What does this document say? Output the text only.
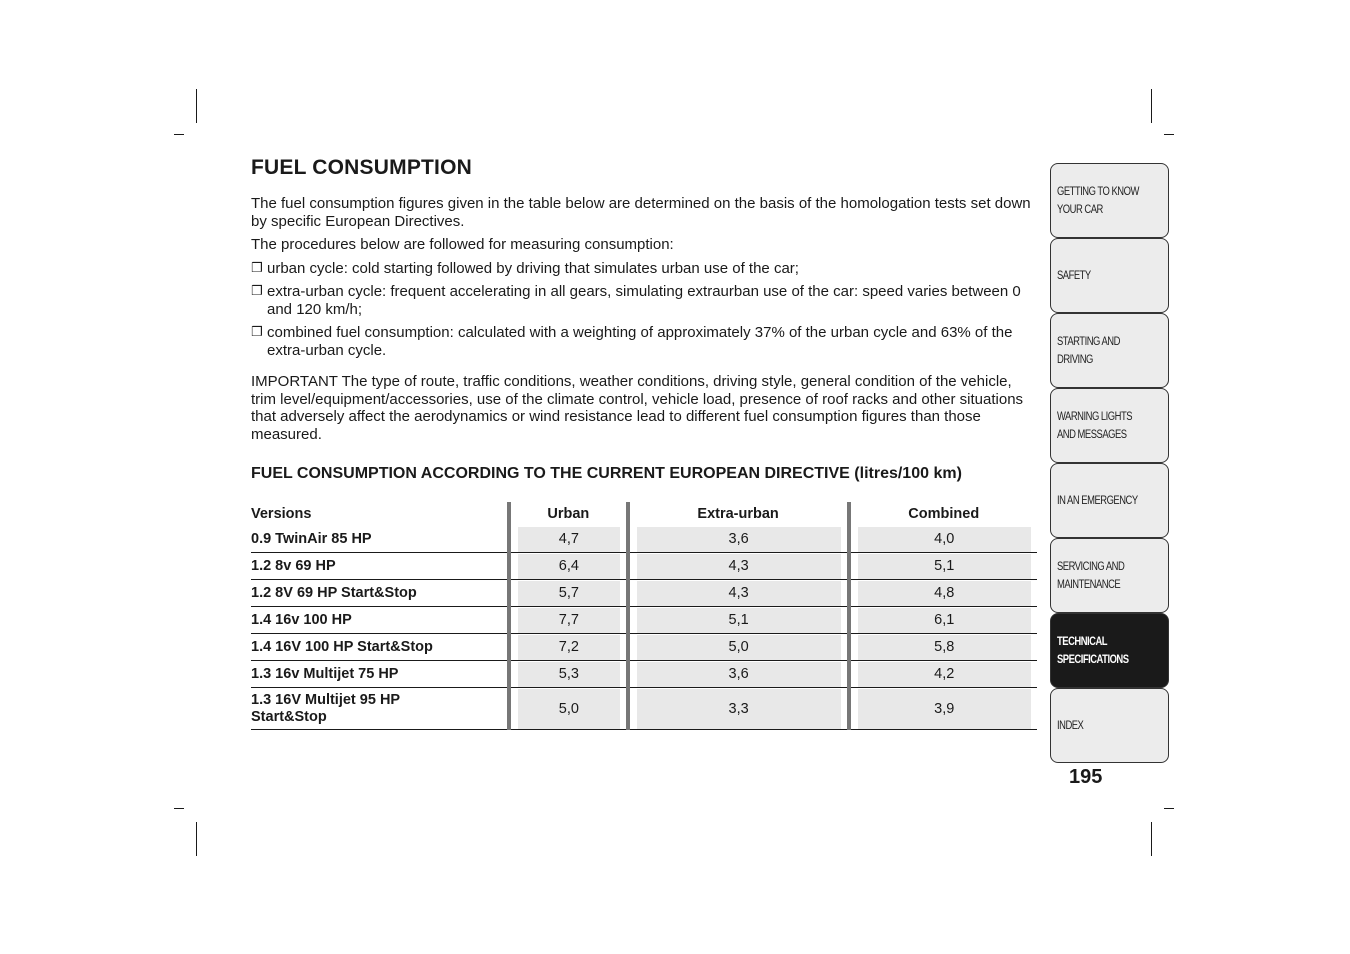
FUEL CONSUMPTION

The fuel consumption figures given in the table below are determined on the basis of the homologation tests set down by specific European Directives.

The procedures below are followed for measuring consumption:

❒ urban cycle: cold starting followed by driving that simulates urban use of the car;
❒ extra-urban cycle: frequent accelerating in all gears, simulating extraurban use of the car: speed varies between 0 and 120 km/h;
❒ combined fuel consumption: calculated with a weighting of approximately 37% of the urban cycle and 63% of the extra-urban cycle.

IMPORTANT The type of route, traffic conditions, weather conditions, driving style, general condition of the vehicle, trim level/equipment/accessories, use of the climate control, vehicle load, presence of roof racks and other situations that adversely affect the aerodynamics or wind resistance lead to different fuel consumption figures than those measured.

FUEL CONSUMPTION ACCORDING TO THE CURRENT EUROPEAN DIRECTIVE (litres/100 km)
Versions	Urban	Extra-urban	Combined
0.9 TwinAir 85 HP	4,7	3,6	4,0

1.2 8v 69 HP	6,4	4,3	5,1

1.2 8V 69 HP Start&Stop	5,7	4,3	4,8

1.4 16v 100 HP	7,7	5,1	6,1

1.4 16V 100 HP Start&Stop	7,2	5,0	5,8

1.3 16v Multijet 75 HP	5,3	3,6	4,2

1.3 16V Multijet 95 HP
Start&Stop	5,0	3,3	3,9
GETTING TO KNOW
YOUR CAR
SAFETY
STARTING AND
DRIVING
WARNING LIGHTS
AND MESSAGES
IN AN EMERGENCY
SERVICING AND
MAINTENANCE
TECHNICAL
SPECIFICATIONS
INDEX
195
